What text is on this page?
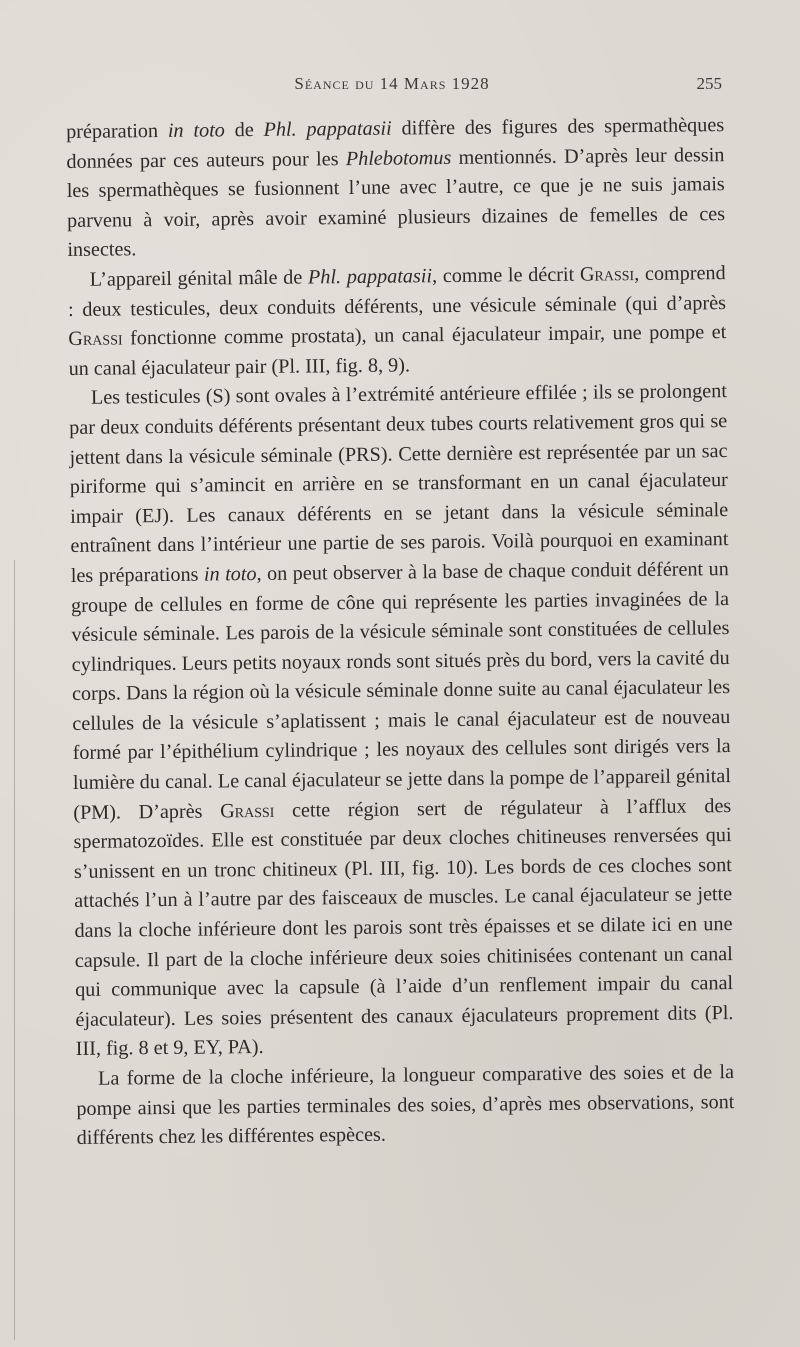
Séance du 14 Mars 1928	255

préparation in toto de Phl. pappatasii diffère des figures des spermathèques données par ces auteurs pour les Phlebotomus mentionnés. D’après leur dessin les spermathèques se fusionnent l’une avec l’autre, ce que je ne suis jamais parvenu à voir, après avoir examiné plusieurs dizaines de femelles de ces insectes.

L’appareil génital mâle de Phl. pappatasii, comme le décrit Grassi, comprend : deux testicules, deux conduits déférents, une vésicule séminale (qui d’après Grassi fonctionne comme prostata), un canal éjaculateur impair, une pompe et un canal éjaculateur pair (Pl. III, fig. 8, 9).

Les testicules (S) sont ovales à l’extrémité antérieure effilée ; ils se prolongent par deux conduits déférents présentant deux tubes courts relativement gros qui se jettent dans la vésicule séminale (PRS). Cette dernière est représentée par un sac piriforme qui s’amincit en arrière en se transformant en un canal éjaculateur impair (EJ). Les canaux déférents en se jetant dans la vésicule séminale entraînent dans l’intérieur une partie de ses parois. Voilà pourquoi en examinant les préparations in toto, on peut observer à la base de chaque conduit déférent un groupe de cellules en forme de cône qui représente les parties invaginées de la vésicule séminale. Les parois de la vésicule séminale sont constituées de cellules cylindriques. Leurs petits noyaux ronds sont situés près du bord, vers la cavité du corps. Dans la région où la vésicule séminale donne suite au canal éjaculateur les cellules de la vésicule s’aplatissent ; mais le canal éjaculateur est de nouveau formé par l’épithélium cylindrique ; les noyaux des cellules sont dirigés vers la lumière du canal. Le canal éjaculateur se jette dans la pompe de l’appareil génital (PM). D’après Grassi cette région sert de régulateur à l’afflux des spermatozoïdes. Elle est constituée par deux cloches chitineuses renversées qui s’unissent en un tronc chitineux (Pl. III, fig. 10). Les bords de ces cloches sont attachés l’un à l’autre par des faisceaux de muscles. Le canal éjaculateur se jette dans la cloche inférieure dont les parois sont très épaisses et se dilate ici en une capsule. Il part de la cloche inférieure deux soies chitinisées contenant un canal qui communique avec la capsule (à l’aide d’un renflement impair du canal éjaculateur). Les soies présentent des canaux éjaculateurs proprement dits (Pl. III, fig. 8 et 9, EY, PA).

La forme de la cloche inférieure, la longueur comparative des soies et de la pompe ainsi que les parties terminales des soies, d’après mes observations, sont différents chez les différentes espèces.
